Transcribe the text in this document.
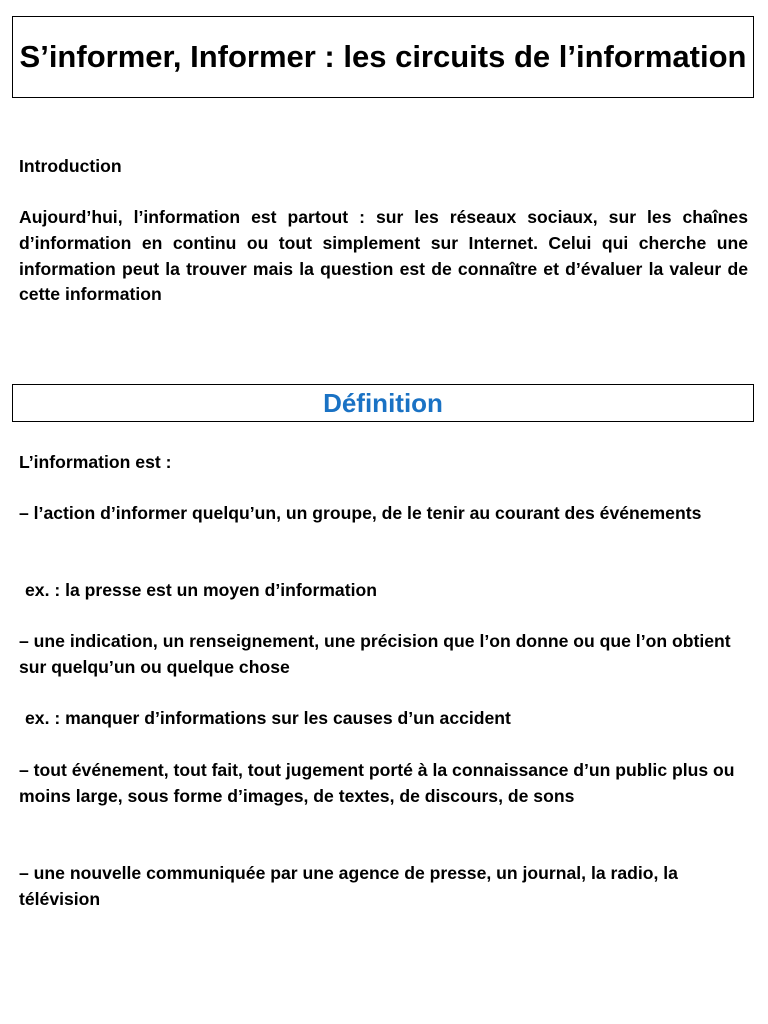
S’informer, Informer : les circuits de l’information

Introduction

Aujourd’hui, l’information est partout : sur les réseaux sociaux, sur les chaînes d’information en continu ou tout simplement sur Internet. Celui qui cherche une information peut la trouver mais la question est de connaître et d’évaluer la valeur de cette information

Définition

L’information est :

– l’action d’informer quelqu’un, un groupe, de le tenir au courant des événements

ex. : la presse est un moyen d’information

– une indication, un renseignement, une précision que l’on donne ou que l’on obtient sur quelqu’un ou quelque chose

ex. : manquer d’informations sur les causes d’un accident

– tout événement, tout fait, tout jugement porté à la connaissance d’un public plus ou moins large, sous forme d’images, de textes, de discours, de sons

– une nouvelle communiquée par une agence de presse, un journal, la radio, la télévision
